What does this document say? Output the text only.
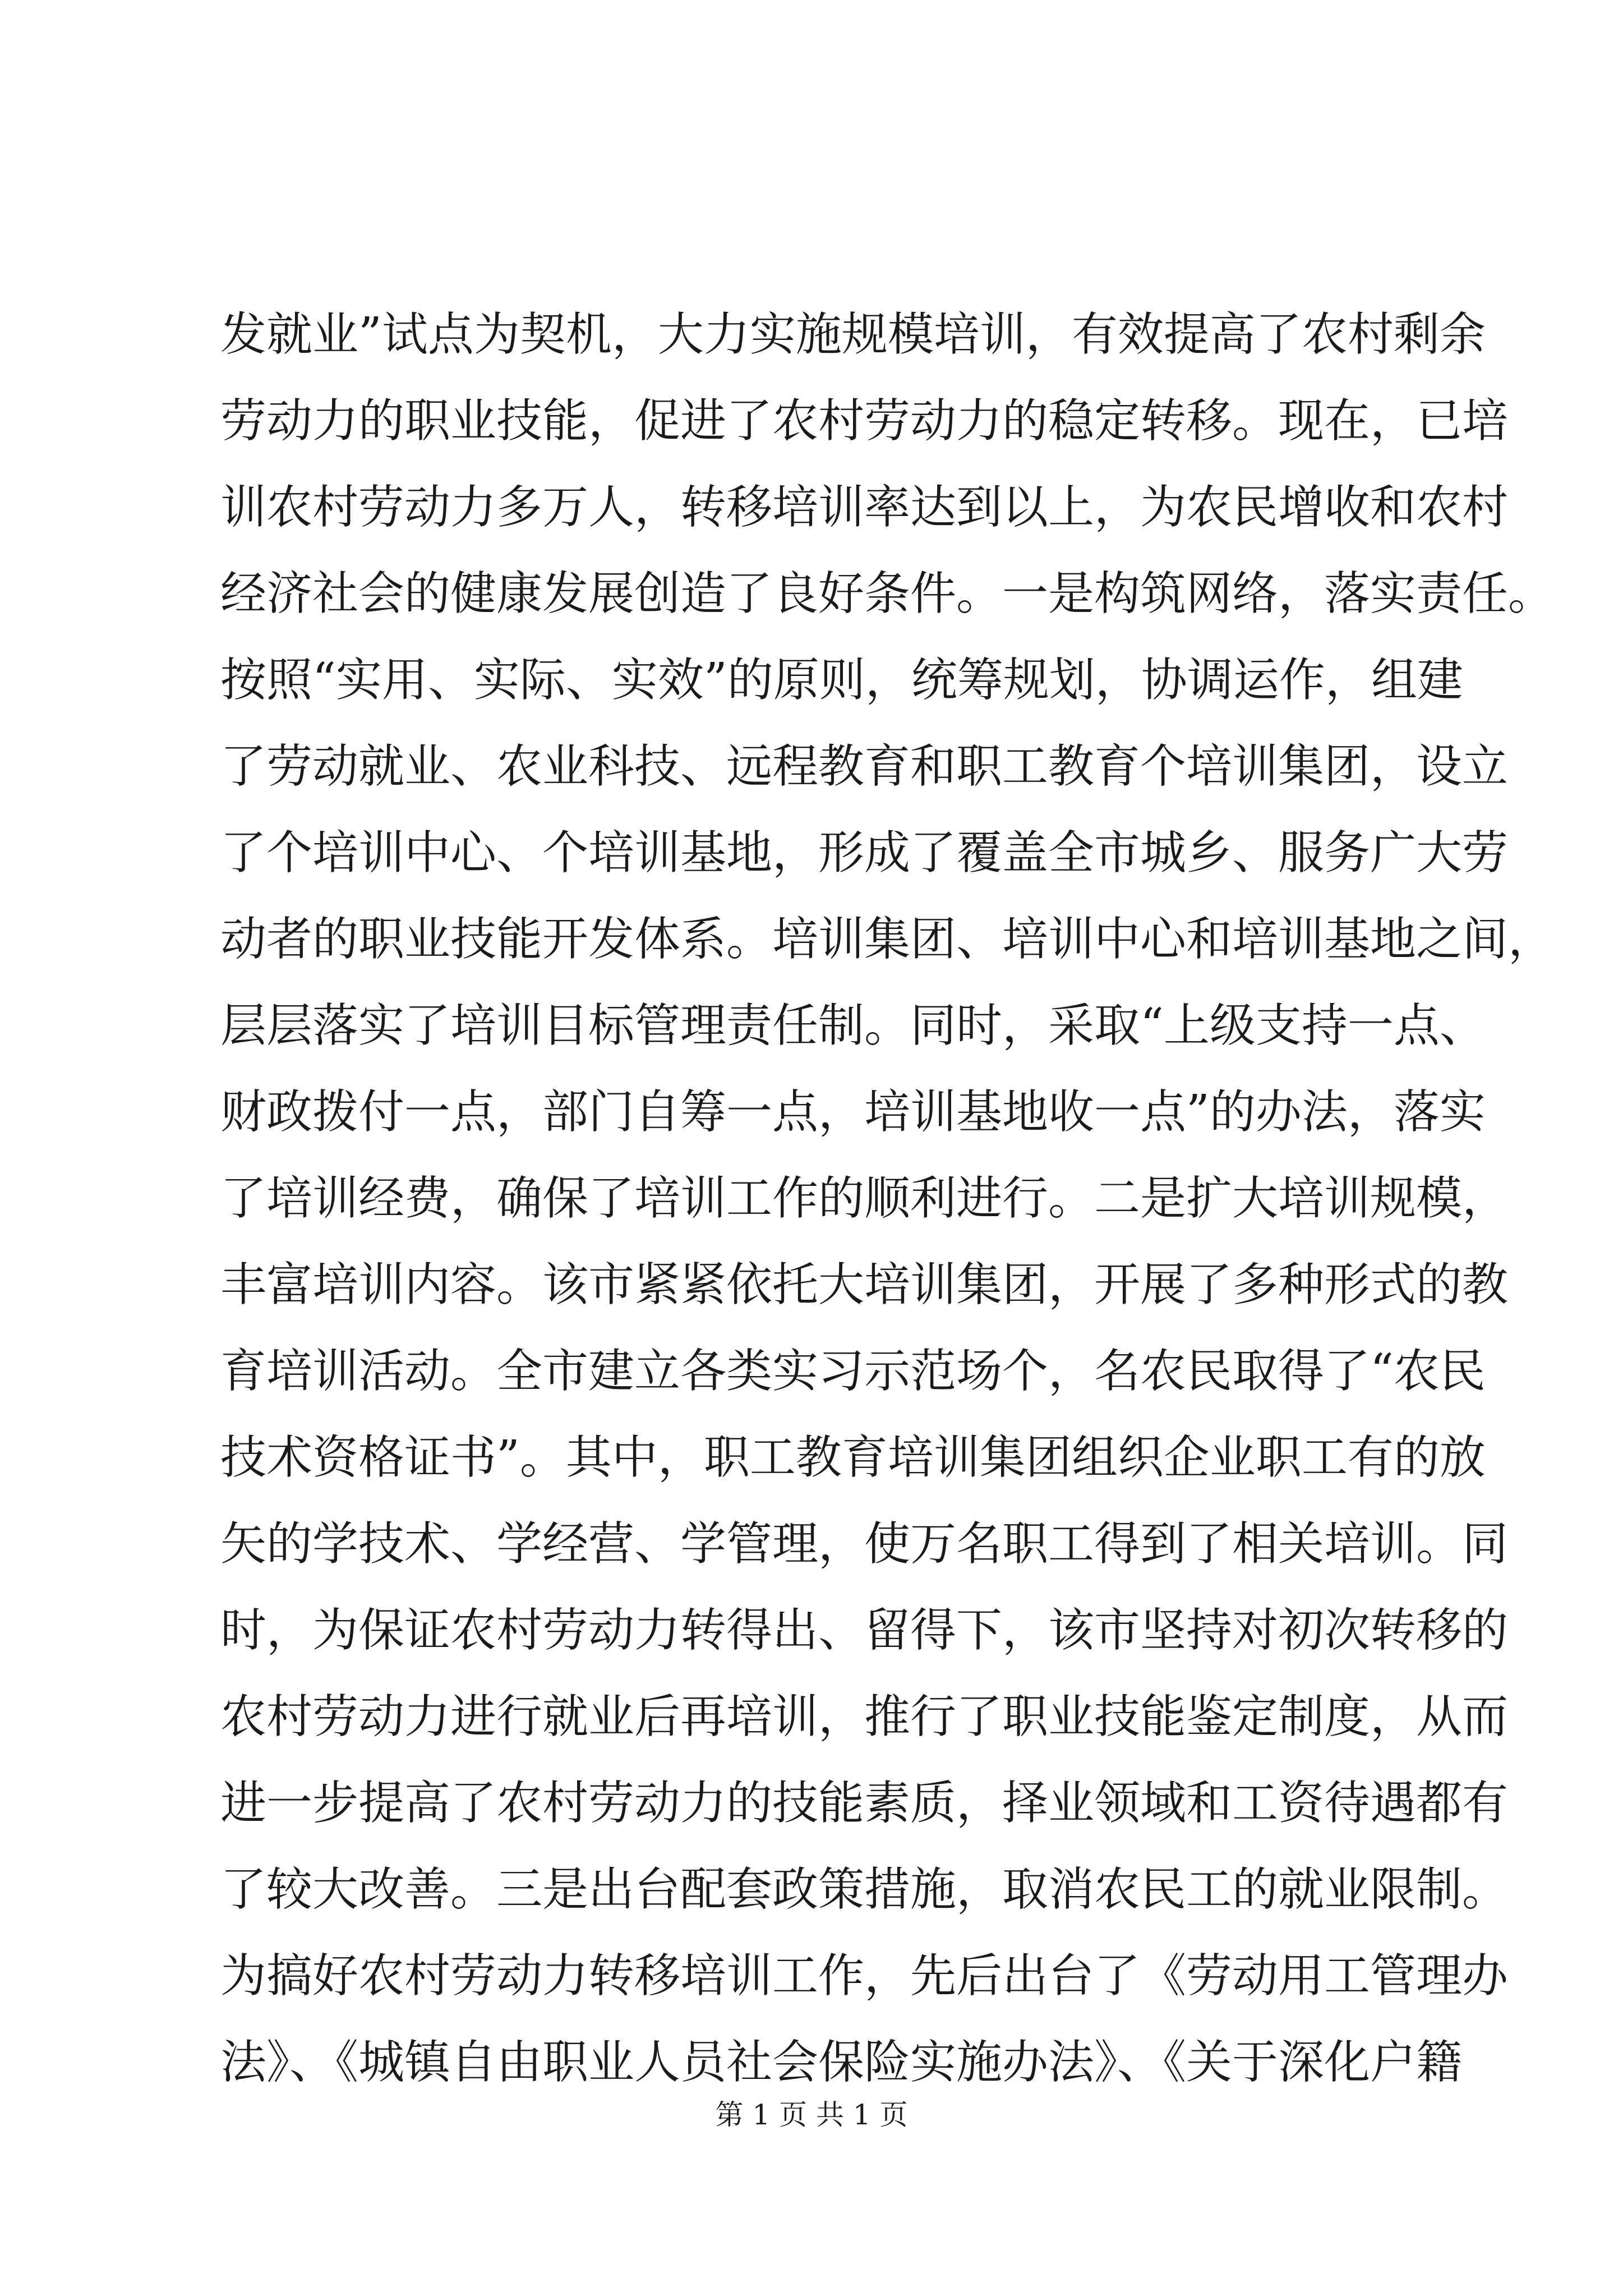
发就业”试点为契机，大力实施规模培训，有效提高了农村剩余
劳动力的职业技能，促进了农村劳动力的稳定转移。现在，已培
训农村劳动力多万人，转移培训率达到以上，为农民增收和农村
经济社会的健康发展创造了良好条件。一是构筑网络，落实责任。
按照“实用、实际、实效”的原则，统筹规划，协调运作，组建
了劳动就业、农业科技、远程教育和职工教育个培训集团，设立
了个培训中心、个培训基地，形成了覆盖全市城乡、服务广大劳
动者的职业技能开发体系。培训集团、培训中心和培训基地之间，
层层落实了培训目标管理责任制。同时，采取“上级支持一点、
财政拨付一点，部门自筹一点，培训基地收一点”的办法，落实
了培训经费，确保了培训工作的顺利进行。二是扩大培训规模，
丰富培训内容。该市紧紧依托大培训集团，开展了多种形式的教
育培训活动。全市建立各类实习示范场个，名农民取得了“农民
技术资格证书”。其中，职工教育培训集团组织企业职工有的放
矢的学技术、学经营、学管理，使万名职工得到了相关培训。同
时，为保证农村劳动力转得出、留得下，该市坚持对初次转移的
农村劳动力进行就业后再培训，推行了职业技能鉴定制度，从而
进一步提高了农村劳动力的技能素质，择业领域和工资待遇都有
了较大改善。三是出台配套政策措施，取消农民工的就业限制。
为搞好农村劳动力转移培训工作，先后出台了《劳动用工管理办
法》、《城镇自由职业人员社会保险实施办法》、《关于深化户籍
第 1 页 共 1 页
